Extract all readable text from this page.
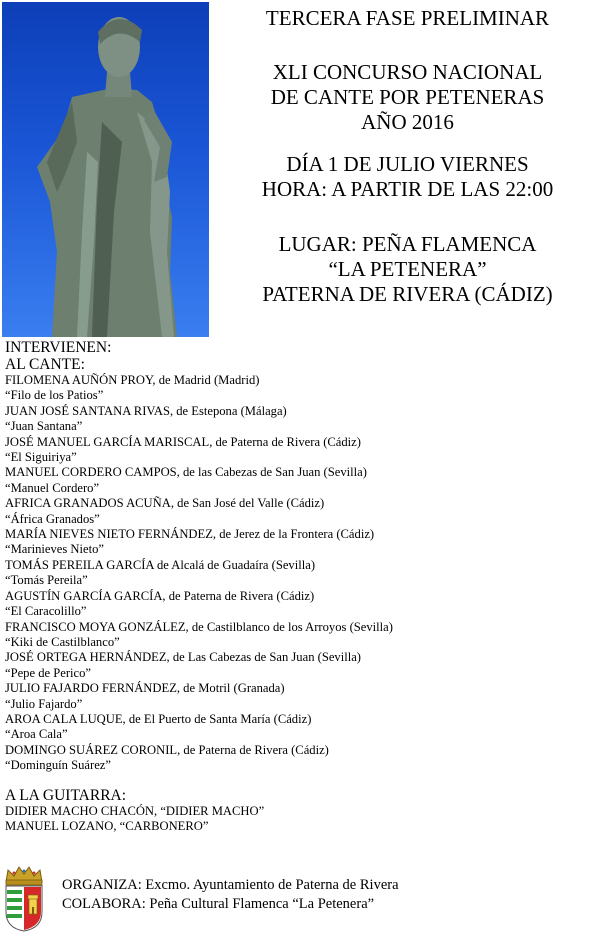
TERCERA FASE PRELIMINAR
XLI CONCURSO NACIONAL
DE CANTE POR PETENERAS
AÑO 2016
DÍA 1 DE JULIO VIERNES
HORA: A PARTIR DE LAS 22:00
LUGAR: PEÑA FLAMENCA
“LA PETENERA”
PATERNA DE RIVERA (CÁDIZ)
INTERVIENEN:
AL CANTE:
FILOMENA AUÑÓN PROY, de Madrid (Madrid)
“Filo de los Patios”
JUAN JOSÉ SANTANA RIVAS, de Estepona (Málaga)
“Juan Santana”
JOSÉ MANUEL GARCÍA MARISCAL, de Paterna de Rivera (Cádiz)
“El Siguiriya”
MANUEL CORDERO CAMPOS, de las Cabezas de San Juan (Sevilla)
“Manuel Cordero”
AFRICA GRANADOS ACUÑA, de San José del Valle (Cádiz)
“África Granados”
MARÍA NIEVES NIETO FERNÁNDEZ, de Jerez de la Frontera (Cádiz)
“Marinieves Nieto”
TOMÁS PEREILA GARCÍA de Alcalá de Guadaíra (Sevilla)
“Tomás Pereila”
AGUSTÍN GARCÍA GARCÍA, de Paterna de Rivera (Cádiz)
“El Caracolillo”
FRANCISCO MOYA GONZÁLEZ, de Castilblanco de los Arroyos (Sevilla)
“Kiki de Castilblanco”
JOSÉ ORTEGA HERNÁNDEZ, de Las Cabezas de San Juan (Sevilla)
“Pepe de Perico”
JULIO FAJARDO FERNÁNDEZ, de Motril (Granada)
“Julio Fajardo”
AROA CALA LUQUE, de El Puerto de Santa María (Cádiz)
“Aroa Cala”
DOMINGO SUÁREZ CORONIL, de Paterna de Rivera (Cádiz)
“Dominguín Suárez”
A LA GUITARRA:
DIDIER MACHO CHACÓN, “DIDIER MACHO”
MANUEL LOZANO, “CARBONERO”
ORGANIZA: Excmo. Ayuntamiento de Paterna de Rivera
COLABORA: Peña Cultural Flamenca “La Petenera”
